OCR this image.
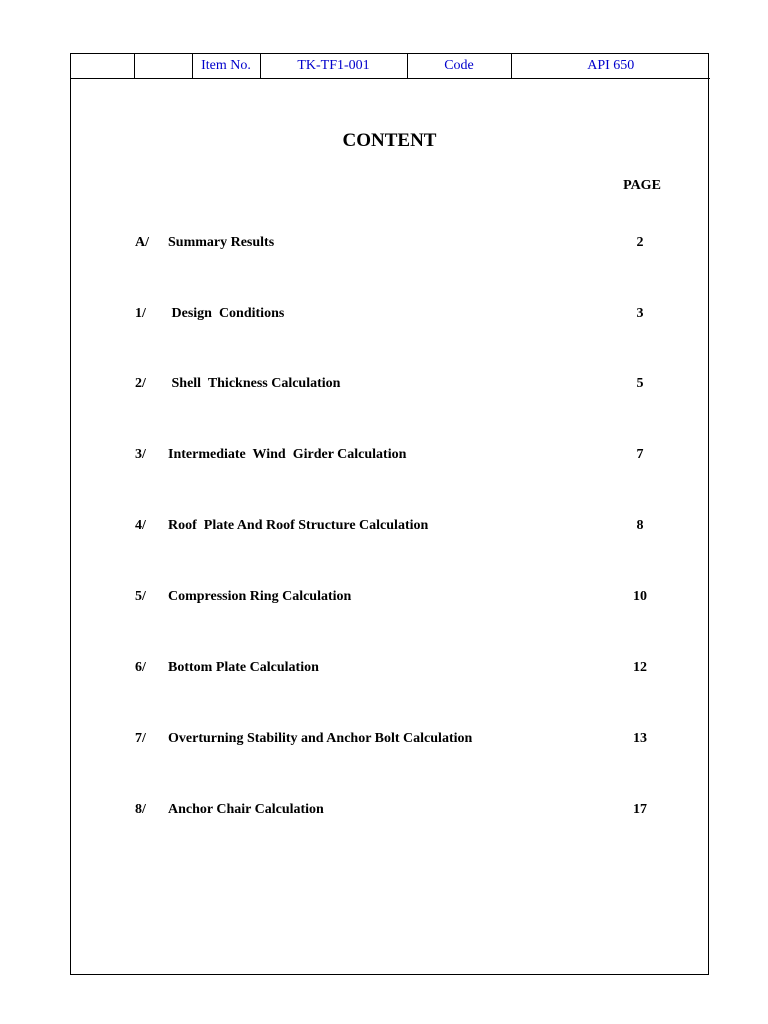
		Item No.	TK-TF1-001	Code	API 650
CONTENT
PAGE
A/ Summary Results	2
1/ Design  Conditions	3
2/ Shell  Thickness Calculation	5
3/ Intermediate  Wind  Girder Calculation	7
4/ Roof  Plate And Roof Structure Calculation	8
5/ Compression Ring Calculation	10
6/ Bottom Plate Calculation	12
7/ Overturning Stability and Anchor Bolt Calculation	13
8/ Anchor Chair Calculation	17
